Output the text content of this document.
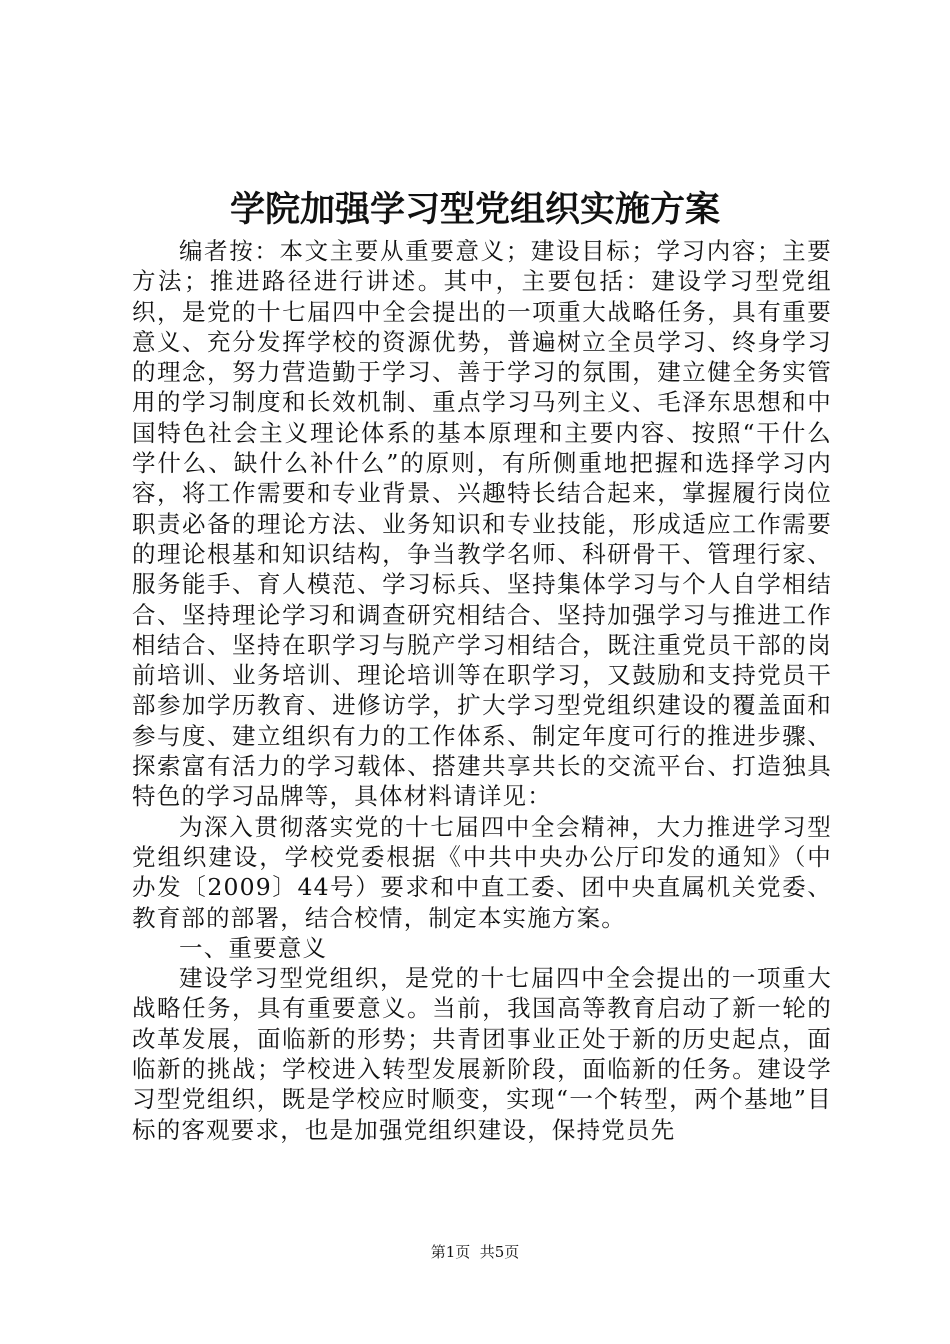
学院加强学习型党组织实施方案

编者按：本文主要从重要意义；建设目标；学习内容；主要方法；推进路径进行讲述。其中，主要包括：建设学习型党组织，是党的十七届四中全会提出的一项重大战略任务，具有重要意义、充分发挥学校的资源优势，普遍树立全员学习、终身学习的理念，努力营造勤于学习、善于学习的氛围，建立健全务实管用的学习制度和长效机制、重点学习马列主义、毛泽东思想和中国特色社会主义理论体系的基本原理和主要内容、按照“干什么学什么、缺什么补什么”的原则，有所侧重地把握和选择学习内容，将工作需要和专业背景、兴趣特长结合起来，掌握履行岗位职责必备的理论方法、业务知识和专业技能，形成适应工作需要的理论根基和知识结构，争当教学名师、科研骨干、管理行家、服务能手、育人模范、学习标兵、坚持集体学习与个人自学相结合、坚持理论学习和调查研究相结合、坚持加强学习与推进工作相结合、坚持在职学习与脱产学习相结合，既注重党员干部的岗前培训、业务培训、理论培训等在职学习，又鼓励和支持党员干部参加学历教育、进修访学，扩大学习型党组织建设的覆盖面和参与度、建立组织有力的工作体系、制定年度可行的推进步骤、探索富有活力的学习载体、搭建共享共长的交流平台、打造独具特色的学习品牌等，具体材料请详见：

为深入贯彻落实党的十七届四中全会精神，大力推进学习型党组织建设，学校党委根据《中共中央办公厅印发的通知》（中办发〔2009〕44号）要求和中直工委、团中央直属机关党委、教育部的部署，结合校情，制定本实施方案。

一、重要意义

建设学习型党组织，是党的十七届四中全会提出的一项重大战略任务，具有重要意义。当前，我国高等教育启动了新一轮的改革发展，面临新的形势；共青团事业正处于新的历史起点，面临新的挑战；学校进入转型发展新阶段，面临新的任务。建设学习型党组织，既是学校应时顺变，实现“一个转型，两个基地”目标的客观要求，也是加强党组织建设，保持党员先

第1页  共5页
